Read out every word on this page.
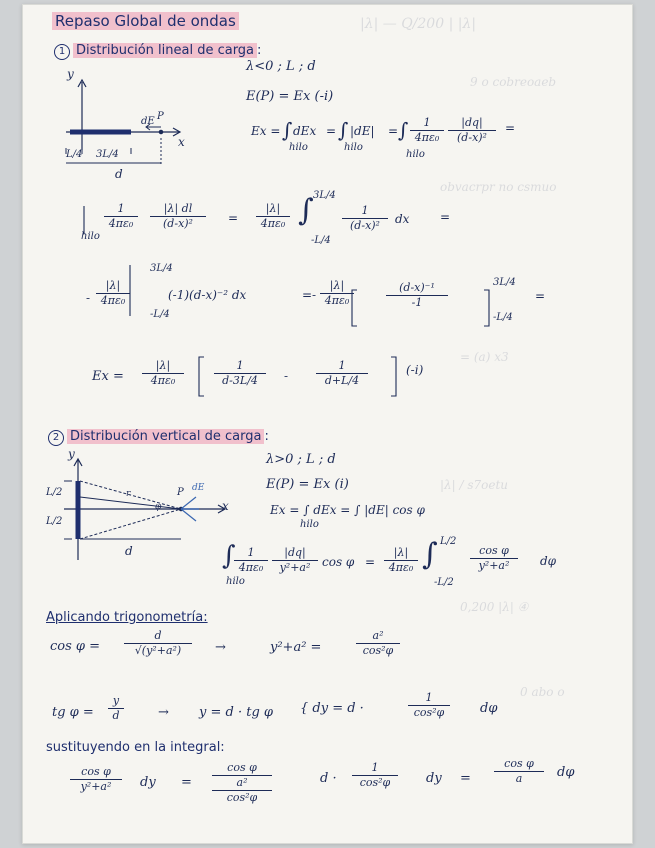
|λ| — Q/200 | |λ|
9 o cobreoaeb
obvacrpr no csmuo
= (a) x3
|λ| / s7oetu
0,200 |λ| ④
0 abo o
Repaso Global de ondas
1 Distribución lineal de carga :
y
x
P
dE
L/4 3L/4
d
λ<0 ; L ; d
E(P) = Ex (-i)
Ex = ∫ dEx
hilo
= ∫ |dE|
hilo
= ∫	1
4πε₀
|dq|
(d-x)²
hilo
=
hilo
1
4πε₀
|λ| dl
(d-x)²	=
|λ|
4πε₀ ∫ 3L/4
-L/4
1
(d-x)²	dx	=
-
|λ|
4πε₀
3L/4
-L/4
(-1)(d-x)⁻² dx	= -
|λ|
4πε₀
(d-x)⁻¹
-1
3L/4
-L/4
=
Ex =
|λ|
4πε₀
1
d-3L/4	-
1
d+L/4
(-i)
2 Distribución vertical de carga :
y
x
P dE
L/2
L/2
r
φ
d
λ>0 ; L ; d
E(P) = Ex (i)
Ex = ∫ dEx = ∫ |dE| cos φ
hilo
∫	1
4πε₀
|dq|
y²+a² cos φ
hilo
=
|λ|
4πε₀ ∫ L/2
-L/2
cos φ
y²+a²	dφ
Aplicando trigonometría:
cos φ =
d
√(y²+a²)	→	y²+a² =
a²
cos²φ
tg φ =
y
d	→ y = d · tg φ { dy = d ·
1
cos²φ	dφ
sustituyendo en la integral:
cos φ
y²+a²	dy =
cos φ
a²
cos²φ
d ·
1
cos²φ	dy =
cos φ
a	dφ
